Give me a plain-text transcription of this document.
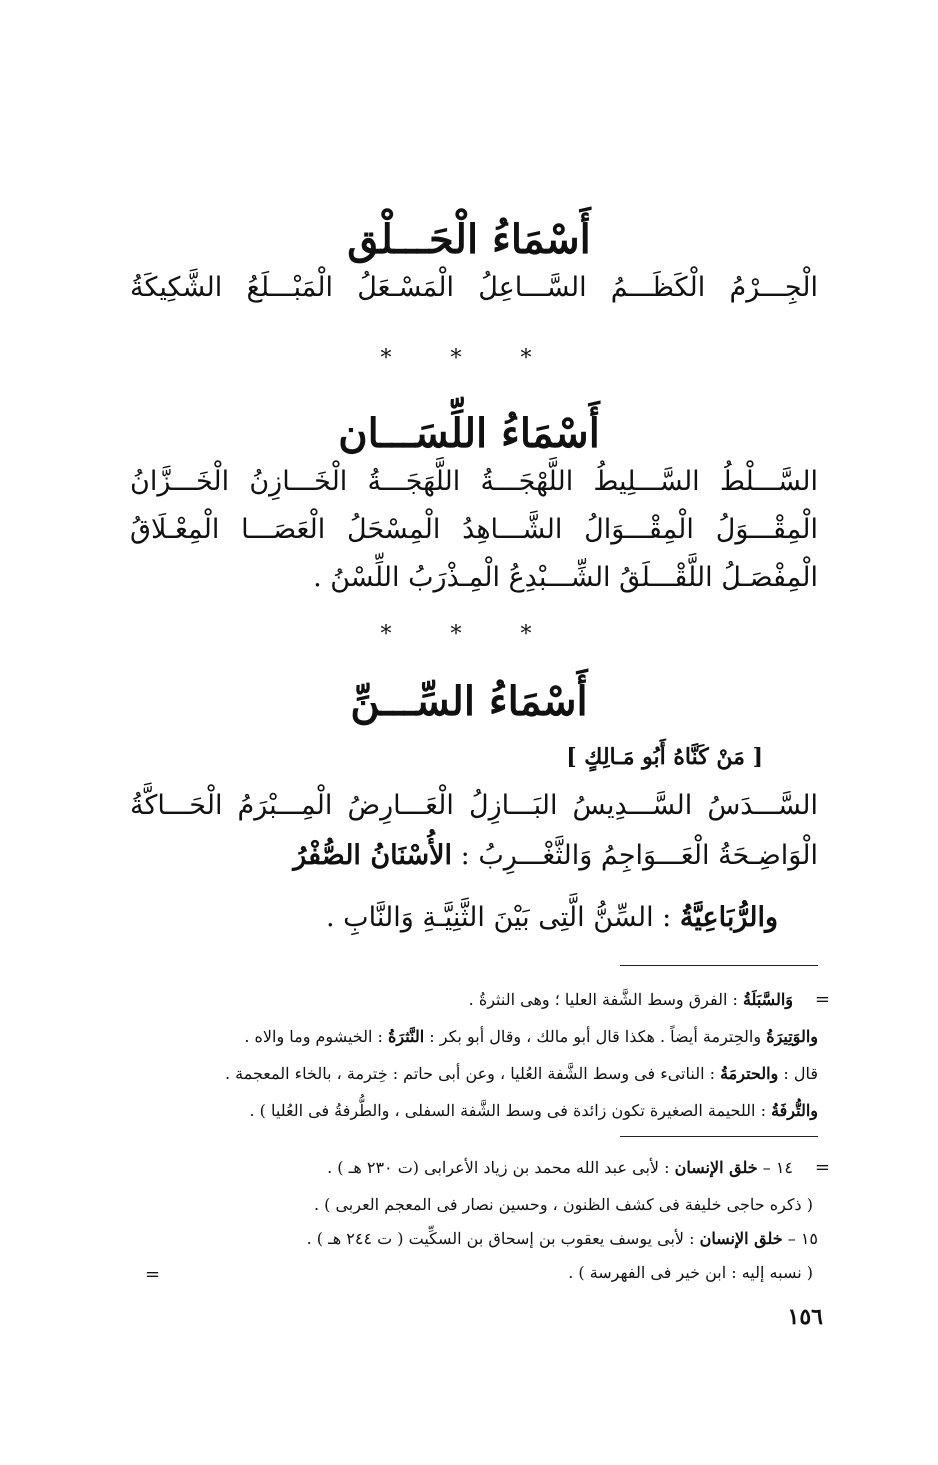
أَسْمَاءُ الْحَـــلْق
الْجِـــرْمُ الْكَظَـــمُ السَّـــاعِلُ الْمَسْـعَلُ الْمَبْـــلَعُ الشَّكِيكَةُ
* * *
أَسْمَاءُ اللِّسَـــان
السَّـــلْطُ السَّـــلِيطُ اللَّهْجَـــةُ اللَّهَجَـــةُ الْخَـــازِنُ الْخَـــزَّانُ
الْمِقْـــوَلُ الْمِقْـــوَالُ الشَّـــاهِدُ الْمِسْحَلُ الْعَصَـــا الْمِعْـلَاقُ
الْمِفْصَـلُ اللَّقْـــلَقُ الشِّـــبْدِعُ الْمِـذْرَبُ اللِّسْنُ .
* * *
أَسْمَاءُ السِّـــنِّ
[ مَنْ كَنَّاهُ أَبُو مَـالِكٍ ]
السَّـــدَسُ السَّـــدِيسُ البَـــازِلُ الْعَـــارِضُ الْمِـــبْرَمُ الْحَـــاكَّةُ
الْوَاضِـحَةُ الْعَـــوَاجِمُ وَالثَّغْـــرِبُ : الأُسْنَانُ الصُّفْرُ
والرُّبَاعِيَّةُ : السِّنُّ الَّتِى بَيْنَ الثَّنِيَّـةِ وَالنَّابِ .
=
وَالسَّبَلَةُ : الفرق وسط الشَّفة العليا ؛ وهى النثرةُ .
والوَتِيرَةُ والحِترمة أيضاً . هكذا قال أبو مالك ، وقال أبو بكر : النَّثرَةُ : الخيشوم وما والاه .
قال : والحترمَةُ : الناتىء فى وسط الشَّفة العُليا ، وعن أبى حاتم : خِترمة ، بالخاء المعجمة .
والتُّرفَةُ : اللحيمة الصغيرة تكون زائدة فى وسط الشَّفة السفلى ، والطُّرفةُ فى العُليا ) .
=
١٤ – خلق الإنسان : لأبى عبد الله محمد بن زياد الأعرابى (ت ٢٣٠ هـ ) .
( ذكره حاجى خليفة فى كشف الظنون ، وحسين نصار فى المعجم العربى ) .
١٥ – خلق الإنسان : لأبى يوسف يعقوب بن إسحاق بن السكِّيت ( ت ٢٤٤ هـ ) .
( نسبه إليه : ابن خير فى الفهرسة ) .
=
١٥٦
